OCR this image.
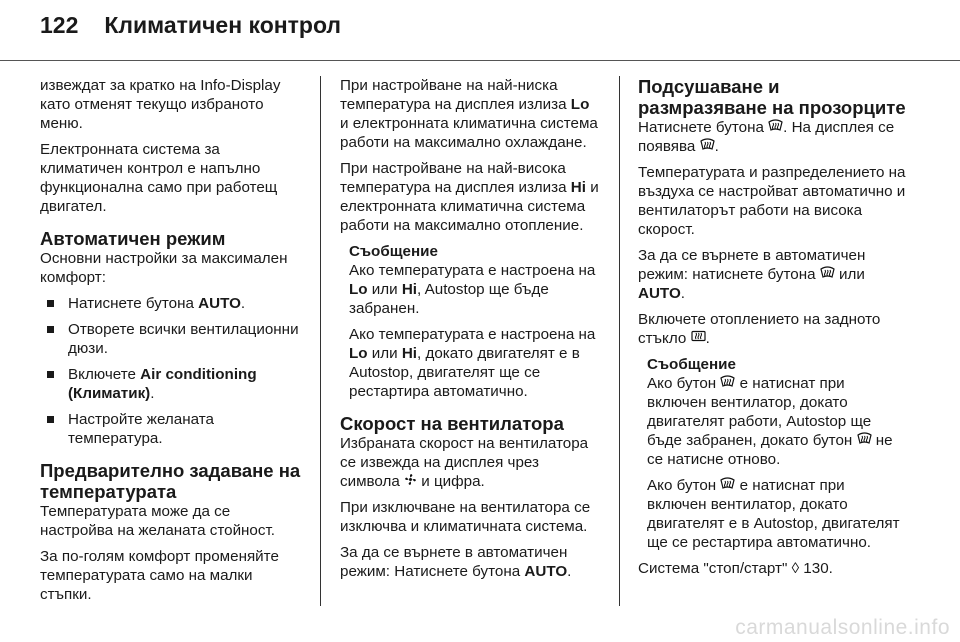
122 Климатичен контрол

извеждат за кратко на Info-Display като отменят текущо избраното меню.

Електронната система за климатичен контрол е напълно функционална само при работещ двигател.

Автоматичен режим

Основни настройки за максимален комфорт:

Натиснете бутона AUTO.
Отворете всички вентилационни дюзи.
Включете Air conditioning (Климатик).
Настройте желаната температура.
Предварително задаване на температурата

Температурата може да се настройва на желаната стойност.

За по-голям комфорт променяйте температурата само на малки стъпки.

При настройване на най-ниска температура на дисплея излиза Lo и електронната климатична система работи на максимално охлаждане.

При настройване на най-висока температура на дисплея излиза Hi и електронната климатична система работи на максимално отопление.

Съобщение

Ако температурата е настроена на Lo или Hi, Autostop ще бъде забранен.

Ако температурата е настроена на Lo или Hi, докато двигателят е в Autostop, двигателят ще се рестартира автоматично.

Скорост на вентилатора

Избраната скорост на вентилатора се извежда на дисплея чрез символа  и цифра.

При изключване на вентилатора се изключва и климатичната система.

За да се върнете в автоматичен режим: Натиснете бутона AUTO.

Подсушаване и размразяване на прозорците

Натиснете бутона . На дисплея се появява .

Температурата и разпределението на въздуха се настройват автоматично и вентилаторът работи на висока скорост.

За да се върнете в автоматичен режим: натиснете бутона  или AUTO.

Включете отоплението на задното стъкло .

Съобщение

Ако бутон  е натиснат при включен вентилатор, докато двигателят работи, Autostop ще бъде забранен, докато бутон  не се натисне отново.

Ако бутон  е натиснат при включен вентилатор, докато двигателят е в Autostop, двигателят ще се рестартира автоматично.

Система "стоп/старт" ◊ 130.

carmanualsonline.info
